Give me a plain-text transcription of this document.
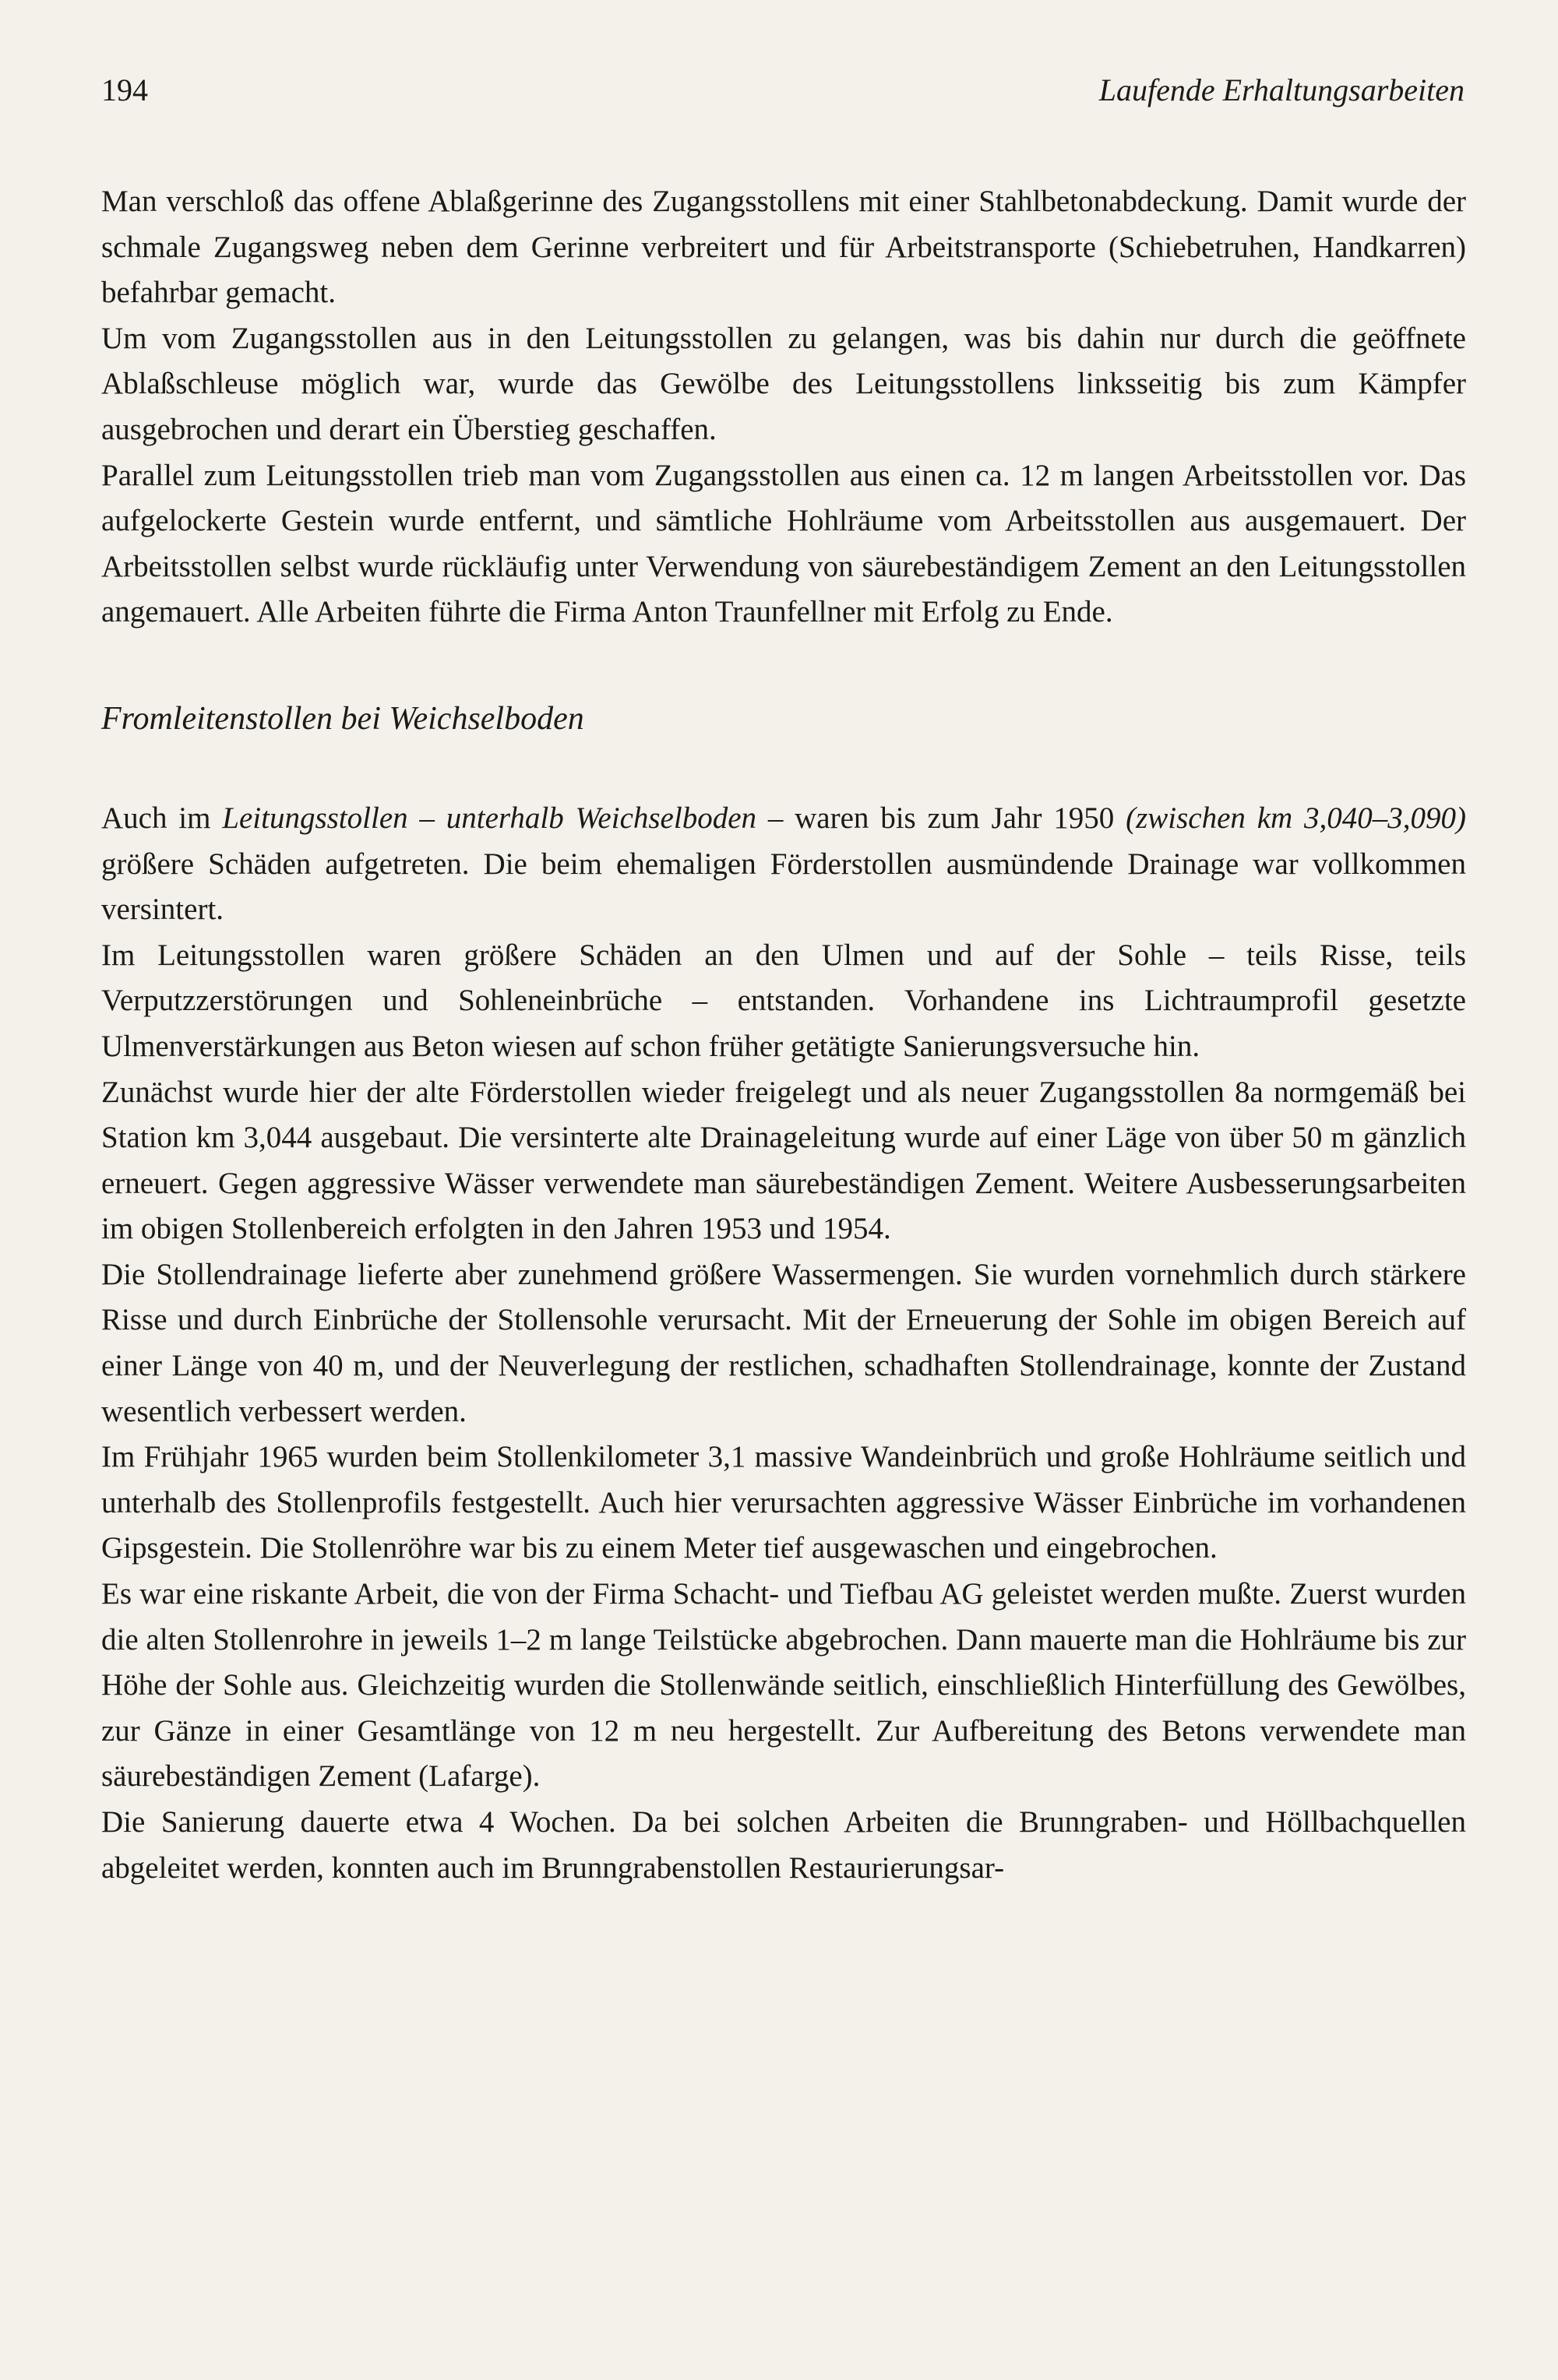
194	Laufende Erhaltungsarbeiten

Man verschloß das offene Ablaßgerinne des Zugangsstollens mit einer Stahlbetonabdeckung. Damit wurde der schmale Zugangsweg neben dem Gerinne verbreitert und für Arbeitstransporte (Schiebetruhen, Handkarren) befahrbar gemacht.

Um vom Zugangsstollen aus in den Leitungsstollen zu gelangen, was bis dahin nur durch die geöffnete Ablaßschleuse möglich war, wurde das Gewölbe des Leitungsstollens linksseitig bis zum Kämpfer ausgebrochen und derart ein Überstieg geschaffen.

Parallel zum Leitungsstollen trieb man vom Zugangsstollen aus einen ca. 12 m langen Arbeitsstollen vor. Das aufgelockerte Gestein wurde entfernt, und sämtliche Hohlräume vom Arbeitsstollen aus ausgemauert. Der Arbeitsstollen selbst wurde rückläufig unter Verwendung von säurebeständigem Zement an den Leitungsstollen angemauert. Alle Arbeiten führte die Firma Anton Traunfellner mit Erfolg zu Ende.

Fromleitenstollen bei Weichselboden

Auch im Leitungsstollen – unterhalb Weichselboden – waren bis zum Jahr 1950 (zwischen km 3,040–3,090) größere Schäden aufgetreten. Die beim ehemaligen Förderstollen ausmündende Drainage war vollkommen versintert.

Im Leitungsstollen waren größere Schäden an den Ulmen und auf der Sohle – teils Risse, teils Verputzzerstörungen und Sohleneinbrüche – entstanden. Vorhandene ins Lichtraumprofil gesetzte Ulmenverstärkungen aus Beton wiesen auf schon früher getätigte Sanierungsversuche hin.

Zunächst wurde hier der alte Förderstollen wieder freigelegt und als neuer Zugangsstollen 8a normgemäß bei Station km 3,044 ausgebaut. Die versinterte alte Drainageleitung wurde auf einer Läge von über 50 m gänzlich erneuert. Gegen aggressive Wässer verwendete man säurebeständigen Zement. Weitere Ausbesserungsarbeiten im obigen Stollenbereich erfolgten in den Jahren 1953 und 1954.

Die Stollendrainage lieferte aber zunehmend größere Wassermengen. Sie wurden vornehmlich durch stärkere Risse und durch Einbrüche der Stollensohle verursacht. Mit der Erneuerung der Sohle im obigen Bereich auf einer Länge von 40 m, und der Neuverlegung der restlichen, schadhaften Stollendrainage, konnte der Zustand wesentlich verbessert werden.

Im Frühjahr 1965 wurden beim Stollenkilometer 3,1 massive Wandeinbrüch und große Hohlräume seitlich und unterhalb des Stollenprofils festgestellt. Auch hier verursachten aggressive Wässer Einbrüche im vorhandenen Gipsgestein. Die Stollenröhre war bis zu einem Meter tief ausgewaschen und eingebrochen.

Es war eine riskante Arbeit, die von der Firma Schacht- und Tiefbau AG geleistet werden mußte. Zuerst wurden die alten Stollenrohre in jeweils 1–2 m lange Teilstücke abgebrochen. Dann mauerte man die Hohlräume bis zur Höhe der Sohle aus. Gleichzeitig wurden die Stollenwände seitlich, einschließlich Hinterfüllung des Gewölbes, zur Gänze in einer Gesamtlänge von 12 m neu hergestellt. Zur Aufbereitung des Betons verwendete man säurebeständigen Zement (Lafarge).

Die Sanierung dauerte etwa 4 Wochen. Da bei solchen Arbeiten die Brunngraben- und Höllbachquellen abgeleitet werden, konnten auch im Brunngrabenstollen Restaurierungsar-
